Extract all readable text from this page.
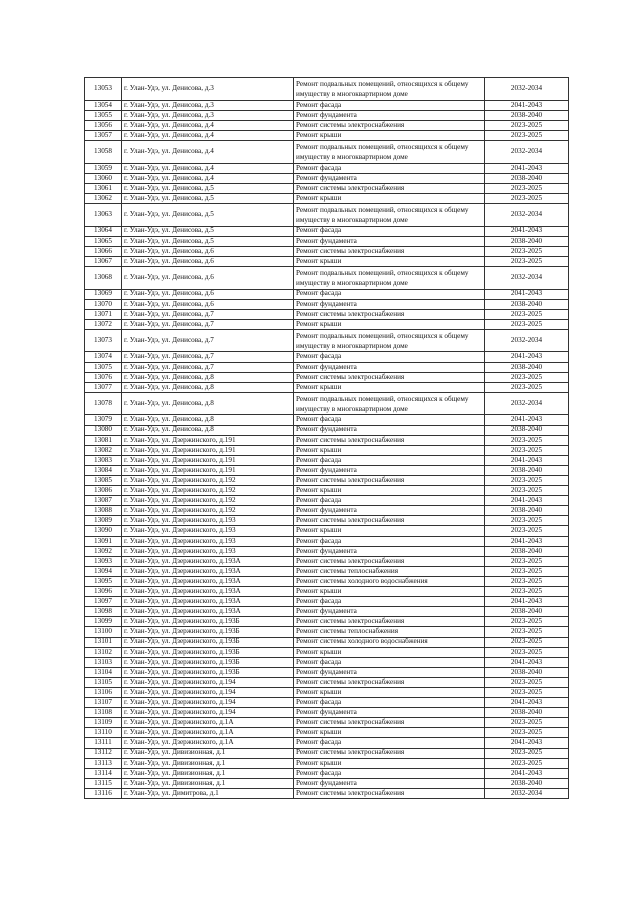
13053	г. Улан-Удэ, ул. Денисова, д.3	Ремонт подвальных помещений, относящихся к общему имуществу в многоквартирном доме	2032-2034
13054	г. Улан-Удэ, ул. Денисова, д.3	Ремонт фасада	2041-2043
13055	г. Улан-Удэ, ул. Денисова, д.3	Ремонт фундамента	2038-2040
13056	г. Улан-Удэ, ул. Денисова, д.4	Ремонт системы электроснабжения	2023-2025
13057	г. Улан-Удэ, ул. Денисова, д.4	Ремонт крыши	2023-2025
13058	г. Улан-Удэ, ул. Денисова, д.4	Ремонт подвальных помещений, относящихся к общему имуществу в многоквартирном доме	2032-2034
13059	г. Улан-Удэ, ул. Денисова, д.4	Ремонт фасада	2041-2043
13060	г. Улан-Удэ, ул. Денисова, д.4	Ремонт фундамента	2038-2040
13061	г. Улан-Удэ, ул. Денисова, д.5	Ремонт системы электроснабжения	2023-2025
13062	г. Улан-Удэ, ул. Денисова, д.5	Ремонт крыши	2023-2025
13063	г. Улан-Удэ, ул. Денисова, д.5	Ремонт подвальных помещений, относящихся к общему имуществу в многоквартирном доме	2032-2034
13064	г. Улан-Удэ, ул. Денисова, д.5	Ремонт фасада	2041-2043
13065	г. Улан-Удэ, ул. Денисова, д.5	Ремонт фундамента	2038-2040
13066	г. Улан-Удэ, ул. Денисова, д.6	Ремонт системы электроснабжения	2023-2025
13067	г. Улан-Удэ, ул. Денисова, д.6	Ремонт крыши	2023-2025
13068	г. Улан-Удэ, ул. Денисова, д.6	Ремонт подвальных помещений, относящихся к общему имуществу в многоквартирном доме	2032-2034
13069	г. Улан-Удэ, ул. Денисова, д.6	Ремонт фасада	2041-2043
13070	г. Улан-Удэ, ул. Денисова, д.6	Ремонт фундамента	2038-2040
13071	г. Улан-Удэ, ул. Денисова, д.7	Ремонт системы электроснабжения	2023-2025
13072	г. Улан-Удэ, ул. Денисова, д.7	Ремонт крыши	2023-2025
13073	г. Улан-Удэ, ул. Денисова, д.7	Ремонт подвальных помещений, относящихся к общему имуществу в многоквартирном доме	2032-2034
13074	г. Улан-Удэ, ул. Денисова, д.7	Ремонт фасада	2041-2043
13075	г. Улан-Удэ, ул. Денисова, д.7	Ремонт фундамента	2038-2040
13076	г. Улан-Удэ, ул. Денисова, д.8	Ремонт системы электроснабжения	2023-2025
13077	г. Улан-Удэ, ул. Денисова, д.8	Ремонт крыши	2023-2025
13078	г. Улан-Удэ, ул. Денисова, д.8	Ремонт подвальных помещений, относящихся к общему имуществу в многоквартирном доме	2032-2034
13079	г. Улан-Удэ, ул. Денисова, д.8	Ремонт фасада	2041-2043
13080	г. Улан-Удэ, ул. Денисова, д.8	Ремонт фундамента	2038-2040
13081	г. Улан-Удэ, ул. Дзержинского, д.191	Ремонт системы электроснабжения	2023-2025
13082	г. Улан-Удэ, ул. Дзержинского, д.191	Ремонт крыши	2023-2025
13083	г. Улан-Удэ, ул. Дзержинского, д.191	Ремонт фасада	2041-2043
13084	г. Улан-Удэ, ул. Дзержинского, д.191	Ремонт фундамента	2038-2040
13085	г. Улан-Удэ, ул. Дзержинского, д.192	Ремонт системы электроснабжения	2023-2025
13086	г. Улан-Удэ, ул. Дзержинского, д.192	Ремонт крыши	2023-2025
13087	г. Улан-Удэ, ул. Дзержинского, д.192	Ремонт фасада	2041-2043
13088	г. Улан-Удэ, ул. Дзержинского, д.192	Ремонт фундамента	2038-2040
13089	г. Улан-Удэ, ул. Дзержинского, д.193	Ремонт системы электроснабжения	2023-2025
13090	г. Улан-Удэ, ул. Дзержинского, д.193	Ремонт крыши	2023-2025
13091	г. Улан-Удэ, ул. Дзержинского, д.193	Ремонт фасада	2041-2043
13092	г. Улан-Удэ, ул. Дзержинского, д.193	Ремонт фундамента	2038-2040
13093	г. Улан-Удэ, ул. Дзержинского, д.193А	Ремонт системы электроснабжения	2023-2025
13094	г. Улан-Удэ, ул. Дзержинского, д.193А	Ремонт системы теплоснабжения	2023-2025
13095	г. Улан-Удэ, ул. Дзержинского, д.193А	Ремонт системы холодного водоснабжения	2023-2025
13096	г. Улан-Удэ, ул. Дзержинского, д.193А	Ремонт крыши	2023-2025
13097	г. Улан-Удэ, ул. Дзержинского, д.193А	Ремонт фасада	2041-2043
13098	г. Улан-Удэ, ул. Дзержинского, д.193А	Ремонт фундамента	2038-2040
13099	г. Улан-Удэ, ул. Дзержинского, д.193Б	Ремонт системы электроснабжения	2023-2025
13100	г. Улан-Удэ, ул. Дзержинского, д.193Б	Ремонт системы теплоснабжения	2023-2025
13101	г. Улан-Удэ, ул. Дзержинского, д.193Б	Ремонт системы холодного водоснабжения	2023-2025
13102	г. Улан-Удэ, ул. Дзержинского, д.193Б	Ремонт крыши	2023-2025
13103	г. Улан-Удэ, ул. Дзержинского, д.193Б	Ремонт фасада	2041-2043
13104	г. Улан-Удэ, ул. Дзержинского, д.193Б	Ремонт фундамента	2038-2040
13105	г. Улан-Удэ, ул. Дзержинского, д.194	Ремонт системы электроснабжения	2023-2025
13106	г. Улан-Удэ, ул. Дзержинского, д.194	Ремонт крыши	2023-2025
13107	г. Улан-Удэ, ул. Дзержинского, д.194	Ремонт фасада	2041-2043
13108	г. Улан-Удэ, ул. Дзержинского, д.194	Ремонт фундамента	2038-2040
13109	г. Улан-Удэ, ул. Дзержинского, д.1А	Ремонт системы электроснабжения	2023-2025
13110	г. Улан-Удэ, ул. Дзержинского, д.1А	Ремонт крыши	2023-2025
13111	г. Улан-Удэ, ул. Дзержинского, д.1А	Ремонт фасада	2041-2043
13112	г. Улан-Удэ, ул. Дивизионная, д.1	Ремонт системы электроснабжения	2023-2025
13113	г. Улан-Удэ, ул. Дивизионная, д.1	Ремонт крыши	2023-2025
13114	г. Улан-Удэ, ул. Дивизионная, д.1	Ремонт фасада	2041-2043
13115	г. Улан-Удэ, ул. Дивизионная, д.1	Ремонт фундамента	2038-2040
13116	г. Улан-Удэ, ул. Димитрова, д.1	Ремонт системы электроснабжения	2032-2034
